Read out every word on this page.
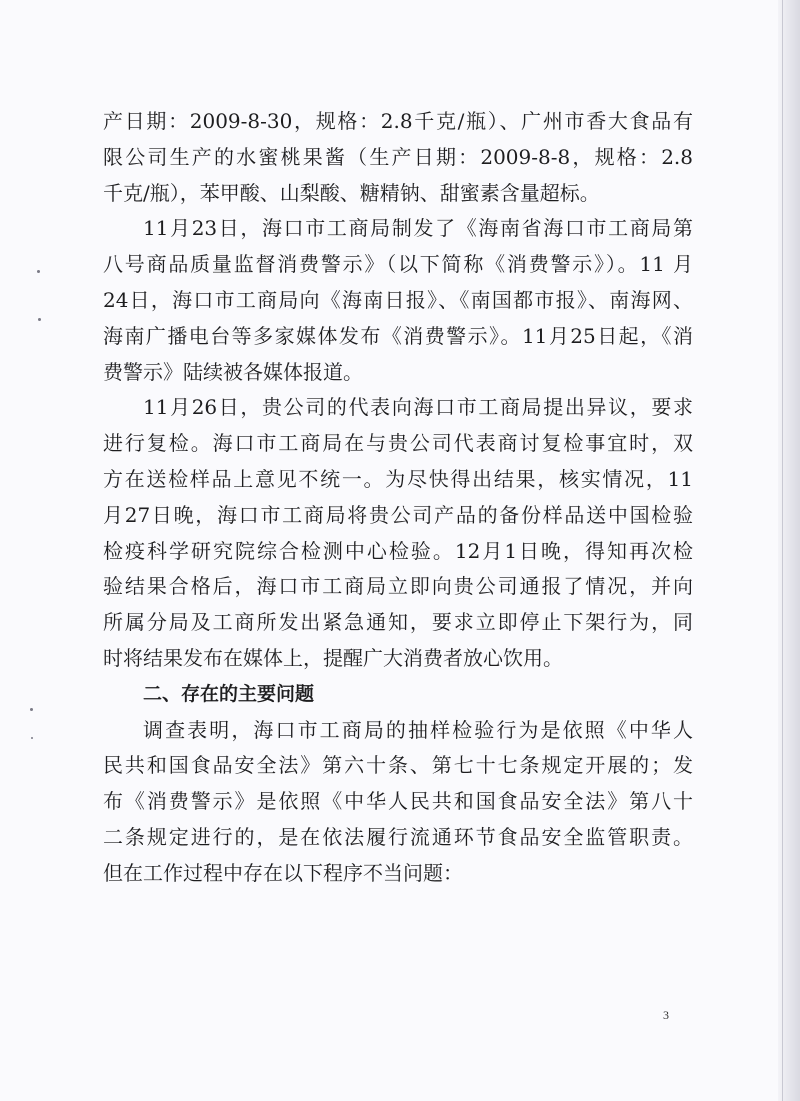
产日期：2009-8-30，规格：2.8千克/瓶）、广州市香大食品有
限公司生产的水蜜桃果酱（生产日期：2009-8-8，规格：2.8
千克/瓶），苯甲酸、山梨酸、糖精钠、甜蜜素含量超标。
11月23日，海口市工商局制发了《海南省海口市工商局第
八号商品质量监督消费警示》（以下简称《消费警示》）。11 月
24日，海口市工商局向《海南日报》、《南国都市报》、南海网、
海南广播电台等多家媒体发布《消费警示》。11月25日起，《消
费警示》陆续被各媒体报道。
11月26日，贵公司的代表向海口市工商局提出异议，要求
进行复检。海口市工商局在与贵公司代表商讨复检事宜时，双
方在送检样品上意见不统一。为尽快得出结果，核实情况，11
月27日晚，海口市工商局将贵公司产品的备份样品送中国检验
检疫科学研究院综合检测中心检验。12月1日晚，得知再次检
验结果合格后，海口市工商局立即向贵公司通报了情况，并向
所属分局及工商所发出紧急通知，要求立即停止下架行为，同
时将结果发布在媒体上，提醒广大消费者放心饮用。
二、存在的主要问题
调查表明，海口市工商局的抽样检验行为是依照《中华人
民共和国食品安全法》第六十条、第七十七条规定开展的；发
布《消费警示》是依照《中华人民共和国食品安全法》第八十
二条规定进行的，是在依法履行流通环节食品安全监管职责。
但在工作过程中存在以下程序不当问题：
3
